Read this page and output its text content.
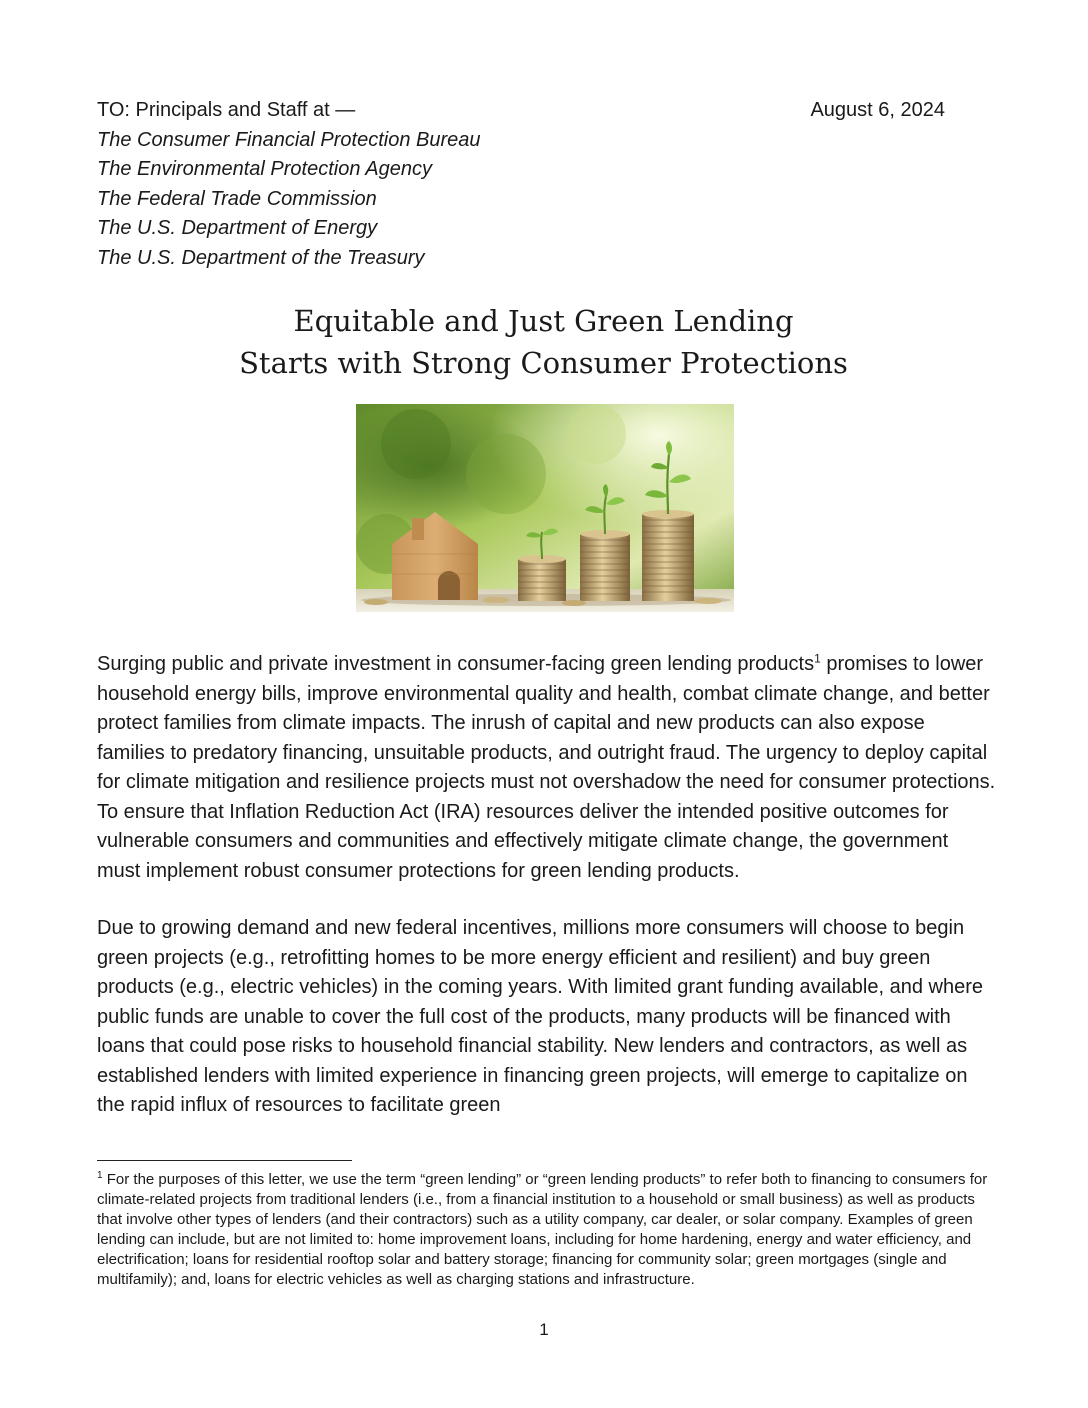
TO: Principals and Staff at —	August 6, 2024
The Consumer Financial Protection Bureau
The Environmental Protection Agency
The Federal Trade Commission
The U.S. Department of Energy
The U.S. Department of the Treasury
Equitable and Just Green Lending
Starts with Strong Consumer Protections

Surging public and private investment in consumer-facing green lending products$^1$ promises to lower household energy bills, improve environmental quality and health, combat climate change, and better protect families from climate impacts. The inrush of capital and new products can also expose families to predatory financing, unsuitable products, and outright fraud. The urgency to deploy capital for climate mitigation and resilience projects must not overshadow the need for consumer protections. To ensure that Inflation Reduction Act (IRA) resources deliver the intended positive outcomes for vulnerable consumers and communities and effectively mitigate climate change, the government must implement robust consumer protections for green lending products.

Due to growing demand and new federal incentives, millions more consumers will choose to begin green projects (e.g., retrofitting homes to be more energy efficient and resilient) and buy green products (e.g., electric vehicles) in the coming years. With limited grant funding available, and where public funds are unable to cover the full cost of the products, many products will be financed with loans that could pose risks to household financial stability. New lenders and contractors, as well as established lenders with limited experience in financing green projects, will emerge to capitalize on the rapid influx of resources to facilitate green

$^1$ For the purposes of this letter, we use the term “green lending” or “green lending products” to refer both to financing to consumers for climate-related projects from traditional lenders (i.e., from a financial institution to a household or small business) as well as products that involve other types of lenders (and their contractors) such as a utility company, car dealer, or solar company. Examples of green lending can include, but are not limited to: home improvement loans, including for home hardening, energy and water efficiency, and electrification; loans for residential rooftop solar and battery storage; financing for community solar; green mortgages (single and multifamily); and, loans for electric vehicles as well as charging stations and infrastructure.
1
